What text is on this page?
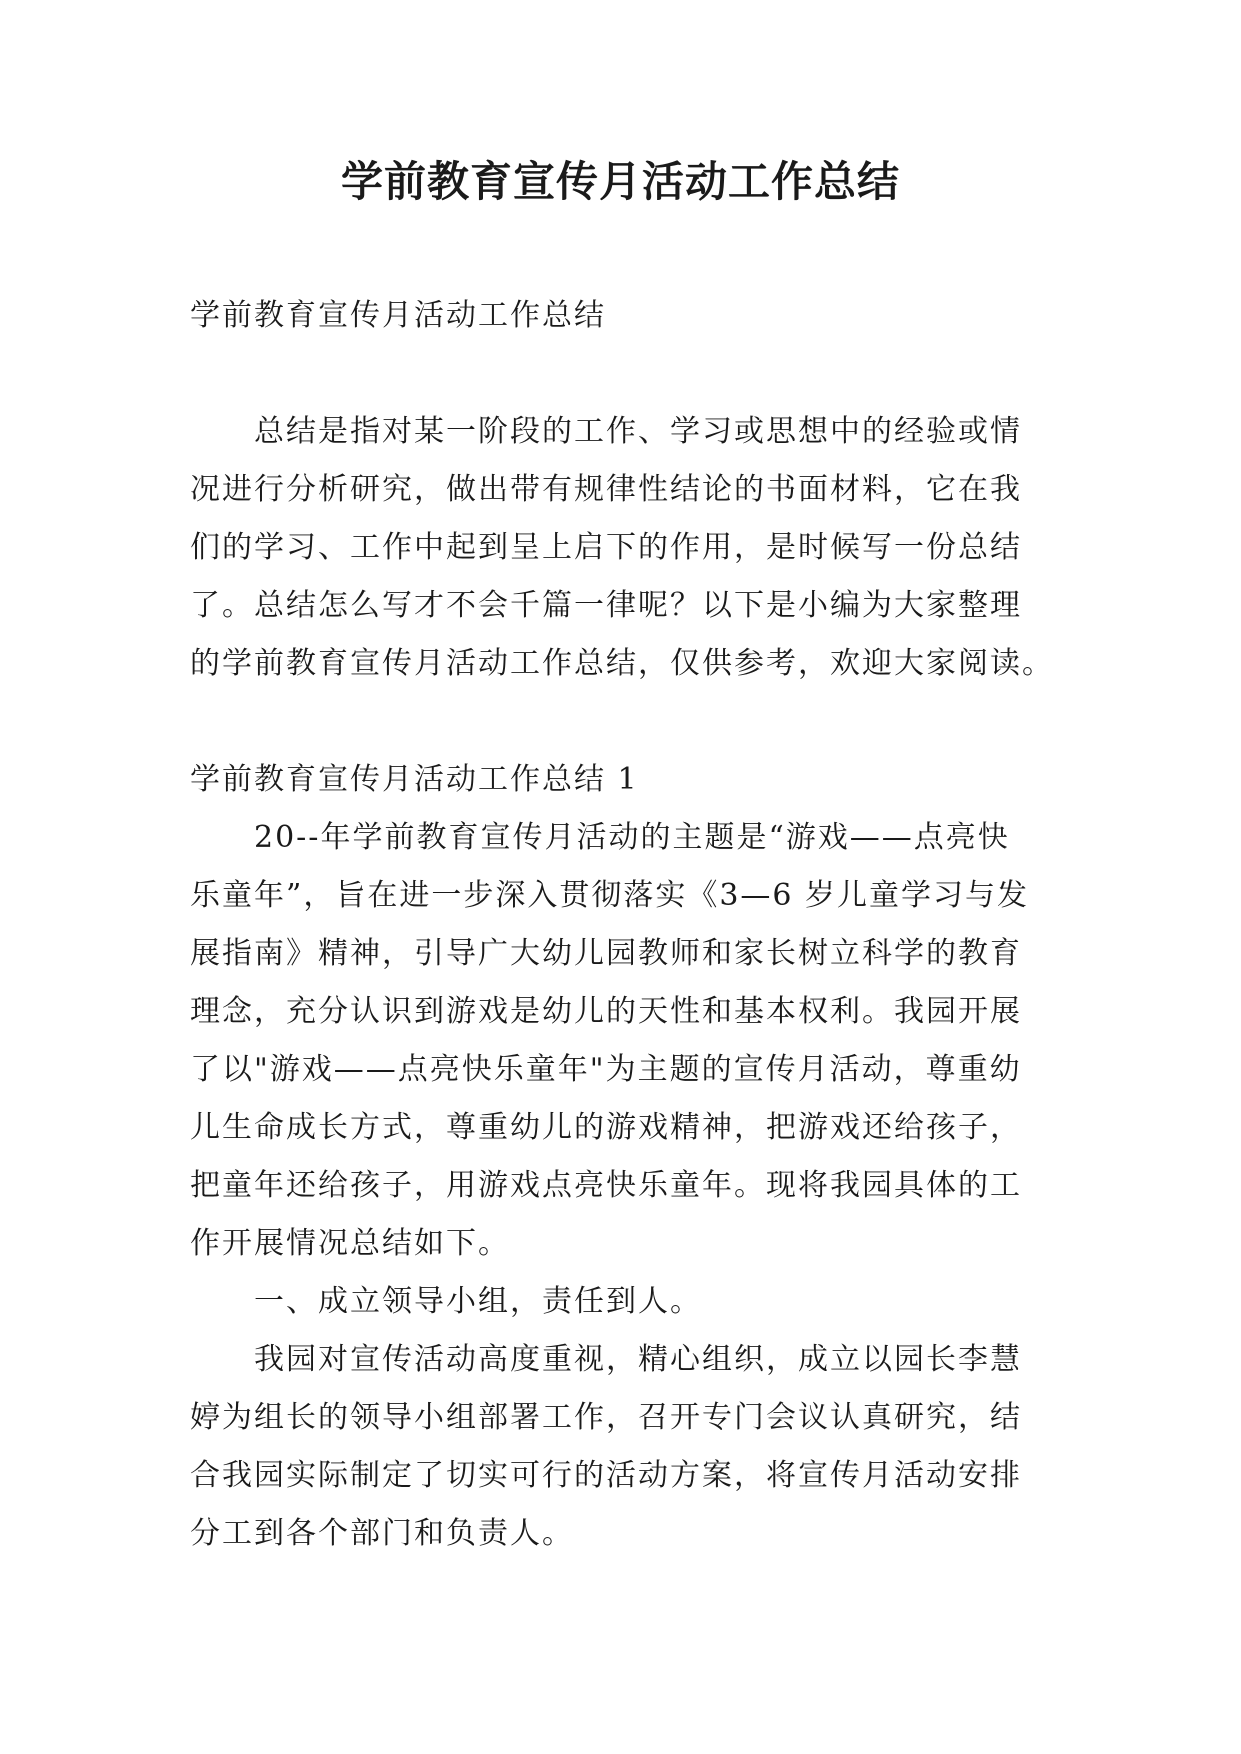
学前教育宣传月活动工作总结

学前教育宣传月活动工作总结

总结是指对某一阶段的工作、学习或思想中的经验或情

况进行分析研究，做出带有规律性结论的书面材料，它在我

们的学习、工作中起到呈上启下的作用，是时候写一份总结

了。总结怎么写才不会千篇一律呢？以下是小编为大家整理

的学前教育宣传月活动工作总结，仅供参考，欢迎大家阅读。

学前教育宣传月活动工作总结 1

20--年学前教育宣传月活动的主题是“游戏——点亮快

乐童年”，旨在进一步深入贯彻落实《3—6 岁儿童学习与发

展指南》精神，引导广大幼儿园教师和家长树立科学的教育

理念，充分认识到游戏是幼儿的天性和基本权利。我园开展

了以"游戏——点亮快乐童年"为主题的宣传月活动，尊重幼

儿生命成长方式，尊重幼儿的游戏精神，把游戏还给孩子，

把童年还给孩子，用游戏点亮快乐童年。现将我园具体的工

作开展情况总结如下。

一、成立领导小组，责任到人。

我园对宣传活动高度重视，精心组织，成立以园长李慧

婷为组长的领导小组部署工作，召开专门会议认真研究，结

合我园实际制定了切实可行的活动方案，将宣传月活动安排

分工到各个部门和负责人。
